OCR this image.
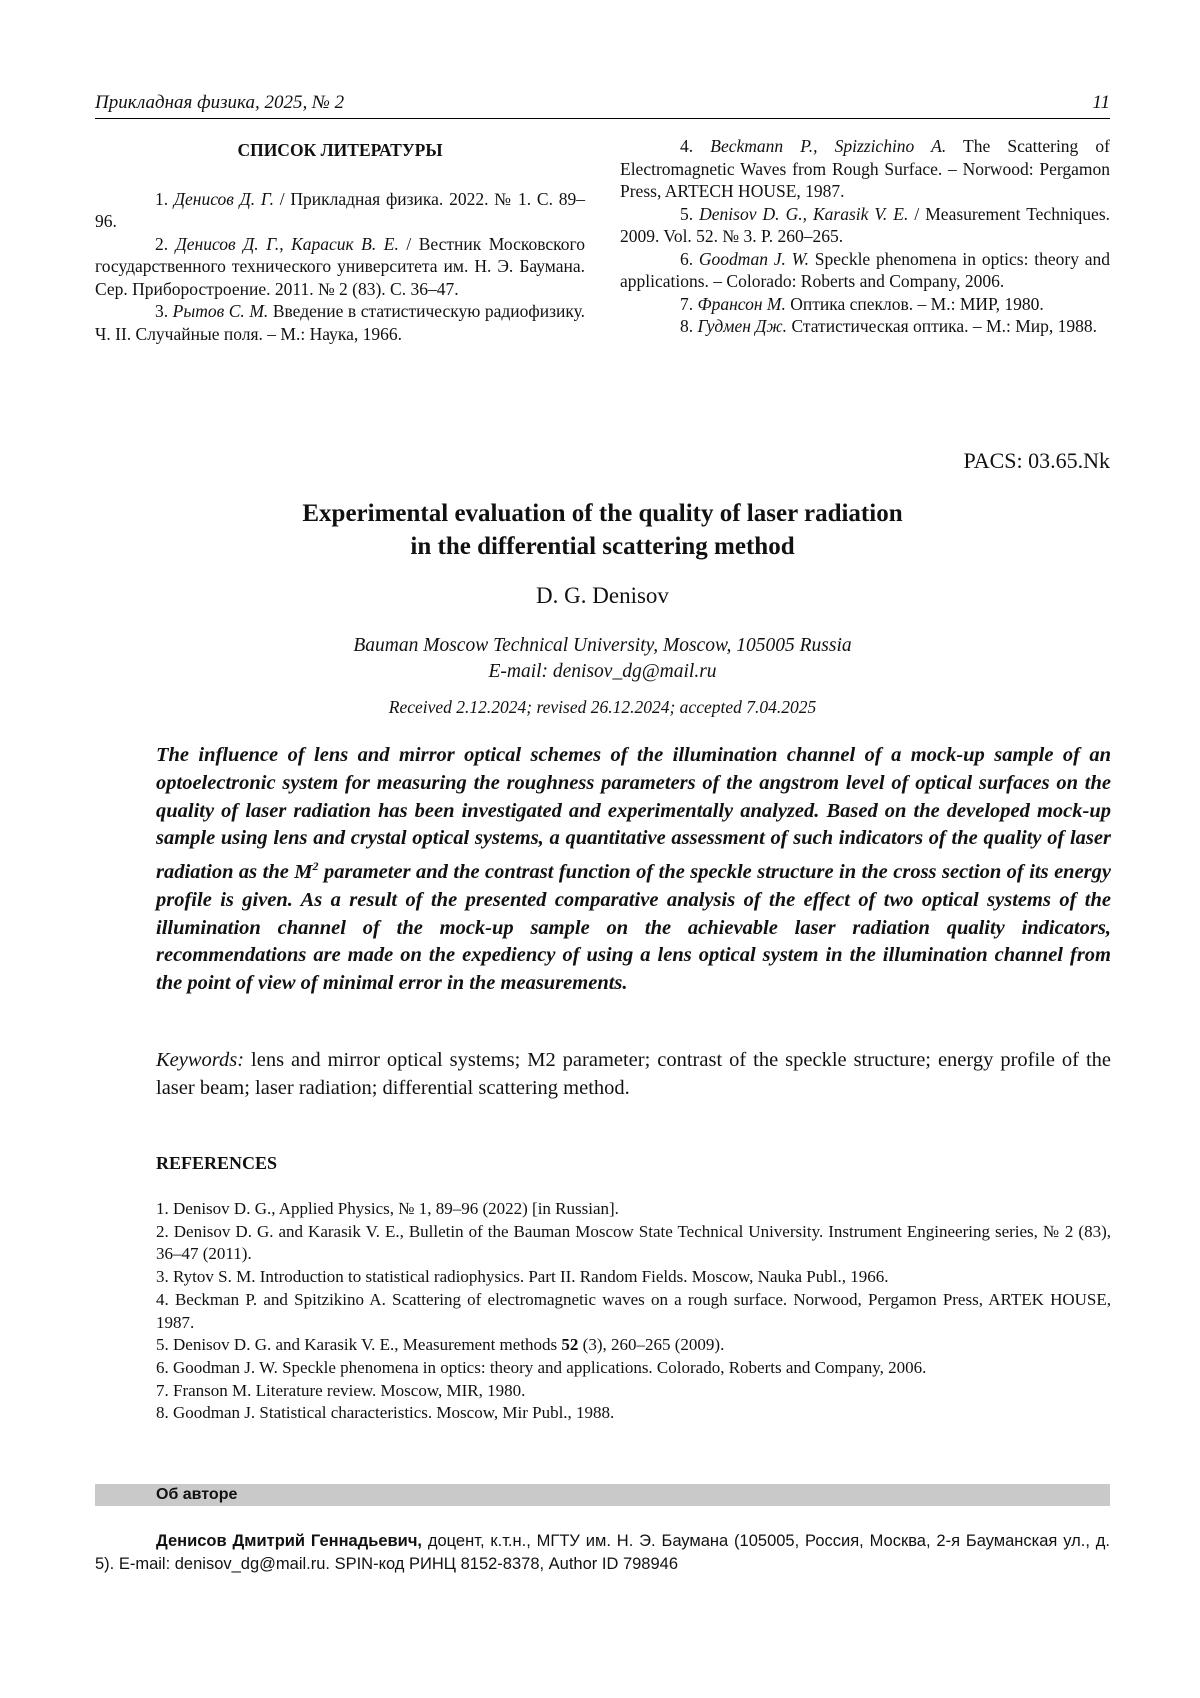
Прикладная физика, 2025, № 2	11
СПИСОК ЛИТЕРАТУРЫ

1. Денисов Д. Г. / Прикладная физика. 2022. № 1. С. 89–96.

2. Денисов Д. Г., Карасик В. Е. / Вестник Московского государственного технического университета им. Н. Э. Баумана. Сер. Приборостроение. 2011. № 2 (83). С. 36–47.

3. Рытов С. М. Введение в статистическую радиофизику. Ч. II. Случайные поля. – М.: Наука, 1966.

4. Beckmann P., Spizzichino A. The Scattering of Electromagnetic Waves from Rough Surface. – Norwood: Pergamon Press, ARTECH HOUSE, 1987.

5. Denisov D. G., Karasik V. E. / Measurement Techniques. 2009. Vol. 52. № 3. P. 260–265.

6. Goodman J. W. Speckle phenomena in optics: theory and applications. – Colorado: Roberts and Company, 2006.

7. Франсон М. Оптика спеклов. – М.: МИР, 1980.

8. Гудмен Дж. Статистическая оптика. – М.: Мир, 1988.

PACS: 03.65.Nk
Experimental evaluation of the quality of laser radiation
in the differential scattering method
D. G. Denisov
Bauman Moscow Technical University, Moscow, 105005 Russia
E-mail: denisov_dg@mail.ru
Received 2.12.2024; revised 26.12.2024; accepted 7.04.2025
The influence of lens and mirror optical schemes of the illumination channel of a mock-up sample of an optoelectronic system for measuring the roughness parameters of the angstrom level of optical surfaces on the quality of laser radiation has been investigated and experimentally analyzed. Based on the developed mock-up sample using lens and crystal optical systems, a quantitative assessment of such indicators of the quality of laser radiation as the $M^2$ parameter and the contrast function of the speckle structure in the cross section of its energy profile is given. As a result of the presented comparative analysis of the effect of two optical systems of the illumination channel of the mock-up sample on the achievable laser radiation quality indicators, recommendations are made on the expediency of using a lens optical system in the illumination channel from the point of view of minimal error in the measurements.
Keywords: lens and mirror optical systems; M2 parameter; contrast of the speckle structure; energy profile of the laser beam; laser radiation; differential scattering method.
REFERENCES
1. Denisov D. G., Applied Physics, № 1, 89–96 (2022) [in Russian].
2. Denisov D. G. and Karasik V. E., Bulletin of the Bauman Moscow State Technical University. Instrument Engineering series, № 2 (83), 36–47 (2011).
3. Rytov S. M. Introduction to statistical radiophysics. Part II. Random Fields. Moscow, Nauka Publ., 1966.
4. Beckman P. and Spitzikino A. Scattering of electromagnetic waves on a rough surface. Norwood, Pergamon Press, ARTEK HOUSE, 1987.
5. Denisov D. G. and Karasik V. E., Measurement methods 52 (3), 260–265 (2009).
6. Goodman J. W. Speckle phenomena in optics: theory and applications. Colorado, Roberts and Company, 2006.
7. Franson M. Literature review. Moscow, MIR, 1980.
8. Goodman J. Statistical characteristics. Moscow, Mir Publ., 1988.
Об авторе
Денисов Дмитрий Геннадьевич, доцент, к.т.н., МГТУ им. Н. Э. Баумана (105005, Россия, Москва, 2-я Бауманская ул., д. 5). E-mail: denisov_dg@mail.ru. SPIN-код РИНЦ 8152-8378, Author ID 798946
